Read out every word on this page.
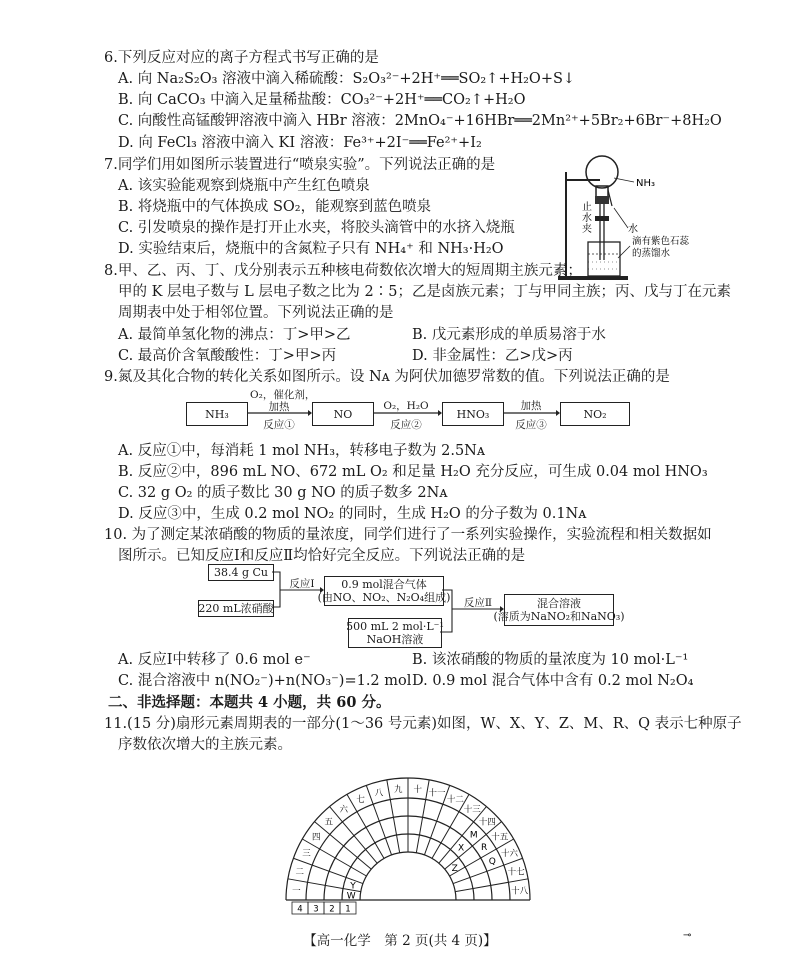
6.下列反应对应的离子方程式书写正确的是
A. 向 Na₂S₂O₃ 溶液中滴入稀硫酸：S₂O₃²⁻+2H⁺══SO₂↑+H₂O+S↓
B. 向 CaCO₃ 中滴入足量稀盐酸：CO₃²⁻+2H⁺══CO₂↑+H₂O
C. 向酸性高锰酸钾溶液中滴入 HBr 溶液：2MnO₄⁻+16HBr══2Mn²⁺+5Br₂+6Br⁻+8H₂O
D. 向 FeCl₃ 溶液中滴入 KI 溶液：Fe³⁺+2I⁻══Fe²⁺+I₂
7.同学们用如图所示装置进行“喷泉实验”。下列说法正确的是
A. 该实验能观察到烧瓶中产生红色喷泉
B. 将烧瓶中的气体换成 SO₂，能观察到蓝色喷泉
C. 引发喷泉的操作是打开止水夹，将胶头滴管中的水挤入烧瓶
D. 实验结束后，烧瓶中的含氮粒子只有 NH₄⁺ 和 NH₃·H₂O
NH₃
止
水
夹	水
滴有紫色石蕊
的蒸馏水
8.甲、乙、丙、丁、戊分别表示五种核电荷数依次增大的短周期主族元素；
甲的 K 层电子数与 L 层电子数之比为 2∶5；乙是卤族元素；丁与甲同主族；丙、戊与丁在元素
周期表中处于相邻位置。下列说法正确的是
A. 最简单氢化物的沸点：丁>甲>乙	B. 戊元素形成的单质易溶于水
C. 最高价含氧酸酸性：丁>甲>丙	D. 非金属性：乙>戊>丙
9.氮及其化合物的转化关系如图所示。设 Nᴀ 为阿伏加德罗常数的值。下列说法正确的是
NH₃	NO	HNO₃	NO₂
O₂，催化剂，
加热
反应①
O₂，H₂O
反应②
加热
反应③
A. 反应①中，每消耗 1 mol NH₃，转移电子数为 2.5Nᴀ
B. 反应②中，896 mL NO、672 mL O₂ 和足量 H₂O 充分反应，可生成 0.04 mol HNO₃
C. 32 g O₂ 的质子数比 30 g NO 的质子数多 2Nᴀ
D. 反应③中，生成 0.2 mol NO₂ 的同时，生成 H₂O 的分子数为 0.1Nᴀ
10. 为了测定某浓硝酸的物质的量浓度，同学们进行了一系列实验操作，实验流程和相关数据如
图所示。已知反应Ⅰ和反应Ⅱ均恰好完全反应。下列说法正确的是
38.4 g Cu
220 mL浓硝酸
0.9 mol混合气体
(由NO、NO₂、N₂O₄组成)
500 mL 2 mol·L⁻¹
NaOH溶液
混合溶液
(溶质为NaNO₂和NaNO₃)
反应Ⅰ
反应Ⅱ
A. 反应Ⅰ中转移了 0.6 mol e⁻	B. 该浓硝酸的物质的量浓度为 10 mol·L⁻¹
C. 混合溶液中 n(NO₂⁻)+n(NO₃⁻)=1.2 mol D. 0.9 mol 混合气体中含有 0.2 mol N₂O₄
二、非选择题：本题共 4 小题，共 60 分。
11.(15 分)扇形元素周期表的一部分(1～36 号元素)如图，W、X、Y、Z、M、R、Q 表示七种原子
序数依次增大的主族元素。
一
二
三
四
五
六
七
八 九 十 十一
十二
十三
十四
十五
十六
十七
十八
4 3 2 1
W
X
Y
Z
M
R
Q
【高一化学　第 2 页(共 4 页)】	⊸
